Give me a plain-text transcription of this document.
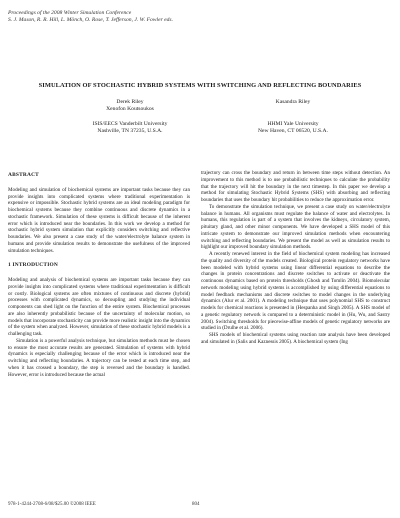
Proceedings of the 2008 Winter Simulation Conference
S. J. Mason, R. R. Hill, L. Mönch, O. Rose, T. Jefferson, J. W. Fowler eds.
SIMULATION OF STOCHASTIC HYBRID SYSTEMS WITH SWITCHING AND REFLECTING BOUNDARIES
Derek Riley
Xenofon Koutsoukos
ISIS/EECS Vanderbilt University
Nashville, TN 37235, U.S.A.
Kasandra Riley
HHMI Yale University
New Haven, CT 06520, U.S.A.
ABSTRACT

Modeling and simulation of biochemical systems are important tasks because they can provide insights into complicated systems where traditional experimentation is expensive or impossible. Stochastic hybrid systems are an ideal modeling paradigm for biochemical systems because they combine continuous and discrete dynamics in a stochastic framework. Simulation of these systems is difficult because of the inherent error which is introduced near the boundaries. In this work we develop a method for stochastic hybrid system simulation that explicitly considers switching and reflective boundaries. We also present a case study of the water/electrolyte balance system in humans and provide simulation results to demonstrate the usefulness of the improved simulation techniques.

1 INTRODUCTION

Modeling and analysis of biochemical systems are important tasks because they can provide insights into complicated systems where traditional experimentation is difficult or costly. Biological systems are often mixtures of continuous and discrete (hybrid) processes with complicated dynamics, so decoupling and studying the individual components can shed light on the function of the entire system. Biochemical processes are also inherently probabilistic because of the uncertainty of molecular motion, so models that incorporate stochasticity can provide more realistic insight into the dynamics of the system when analyzed. However, simulation of these stochastic hybrid models is a challenging task.

Simulation is a powerful analysis technique, but simulation methods must be chosen to ensure the most accurate results are generated. Simulation of systems with hybrid dynamics is especially challenging because of the error which is introduced near the switching and reflecting boundaries. A trajectory can be tested at each time step, and when it has crossed a boundary, the step is reversed and the boundary is handled. However, error is introduced because the actual

trajectory can cross the boundary and return in between time steps without detection. An improvement to this method is to use probabilistic techniques to calculate the probability that the trajectory will hit the boundary in the next timestep. In this paper we develop a method for simulating Stochastic Hybrid Systems (SHS) with absorbing and reflecting boundaries that uses the boundary hit probabilities to reduce the approximation error.

To demonstrate the simulation technique, we present a case study on water/electrolyte balance in humans. All organisms must regulate the balance of water and electrolytes. In humans, this regulation is part of a system that involves the kidneys, circulatory system, pituitary gland, and other minor components. We have developed a SHS model of this intricate system to demonstrate our improved simulation methods when encountering switching and reflecting boundaries. We present the model as well as simulation results to highlight our improved boundary simulation methods.

A recently renewed interest in the field of biochemical system modeling has increased the quality and diversity of the models created. Biological protein regulatory networks have been modeled with hybrid systems using linear differential equations to describe the changes in protein concentrations and discrete switches to activate or deactivate the continuous dynamics based on protein thresholds (Ghosh and Tomlin 2004). Biomolecular network modeling using hybrid systems is accomplished by using differential equations to model feedback mechanisms and discrete switches to model changes in the underlying dynamics (Alur et al. 2001). A modeling technique that uses polynomial SHS to construct models for chemical reactions is presented in (Hespanha and Singh 2005). A SHS model of a genetic regulatory network is compared to a deterministic model in (Hu, Wu, and Sastry 2004). Switching thresholds for piecewise-affine models of genetic regulatory networks are studied in (Drulhe et al. 2006).

SHS models of biochemical systems using reaction rate analysis have been developed and simulated in (Salis and Kaznessis 2005). A biochemical system (Ing

978-1-4244-2708-6/08/$25.00 ©2008 IEEE	804
